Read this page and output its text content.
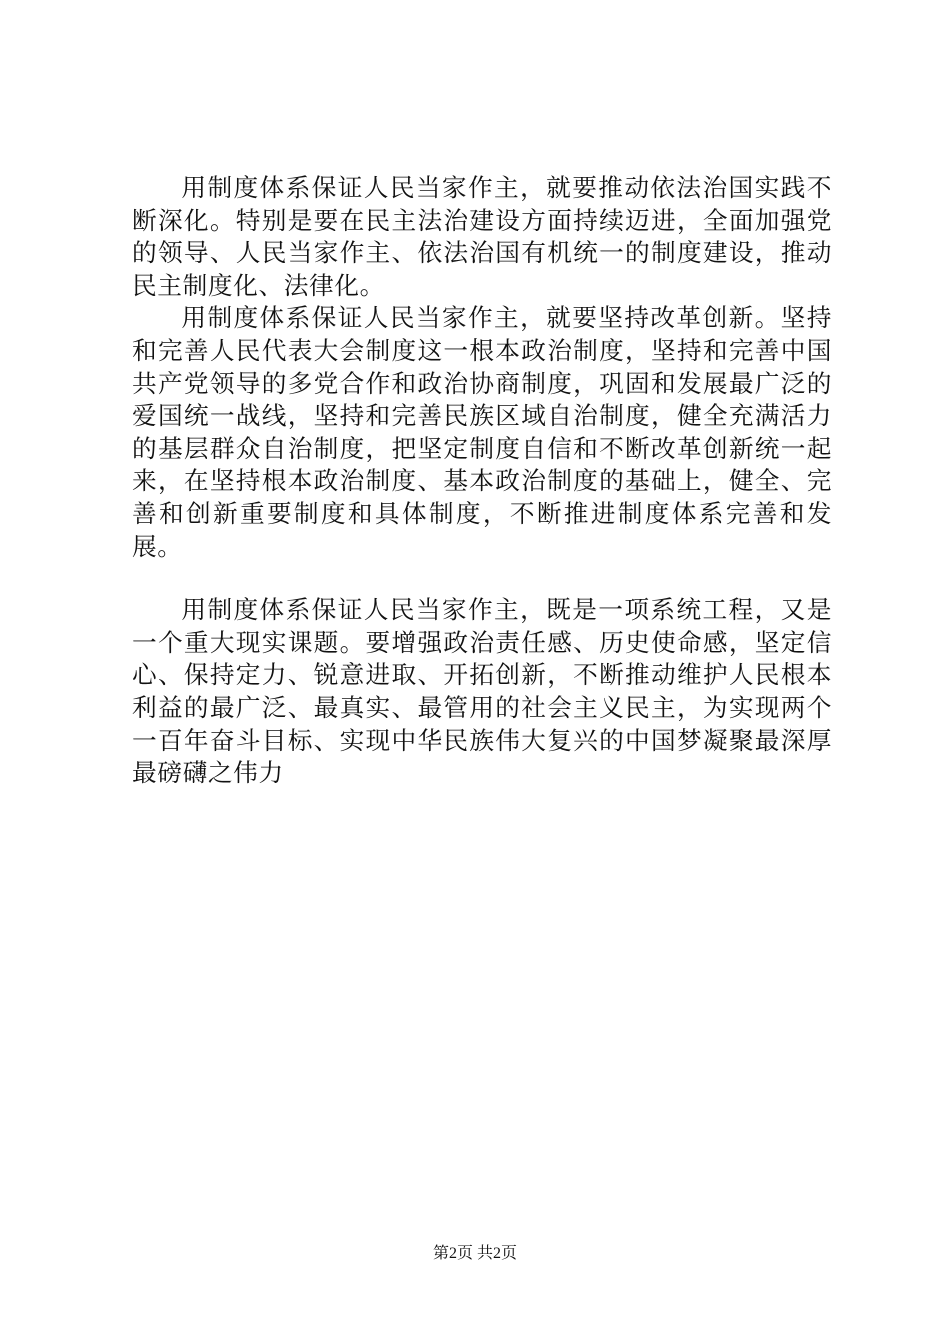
用制度体系保证人民当家作主，就要推动依法治国实践不断深化。特别是要在民主法治建设方面持续迈进，全面加强党的领导、人民当家作主、依法治国有机统一的制度建设，推动民主制度化、法律化。

用制度体系保证人民当家作主，就要坚持改革创新。坚持和完善人民代表大会制度这一根本政治制度，坚持和完善中国共产党领导的多党合作和政治协商制度，巩固和发展最广泛的爱国统一战线，坚持和完善民族区域自治制度，健全充满活力的基层群众自治制度，把坚定制度自信和不断改革创新统一起来，在坚持根本政治制度、基本政治制度的基础上，健全、完善和创新重要制度和具体制度，不断推进制度体系完善和发展。

用制度体系保证人民当家作主，既是一项系统工程，又是一个重大现实课题。要增强政治责任感、历史使命感，坚定信心、保持定力、锐意进取、开拓创新，不断推动维护人民根本利益的最广泛、最真实、最管用的社会主义民主，为实现两个一百年奋斗目标、实现中华民族伟大复兴的中国梦凝聚最深厚最磅礴之伟力

第2页 共2页
